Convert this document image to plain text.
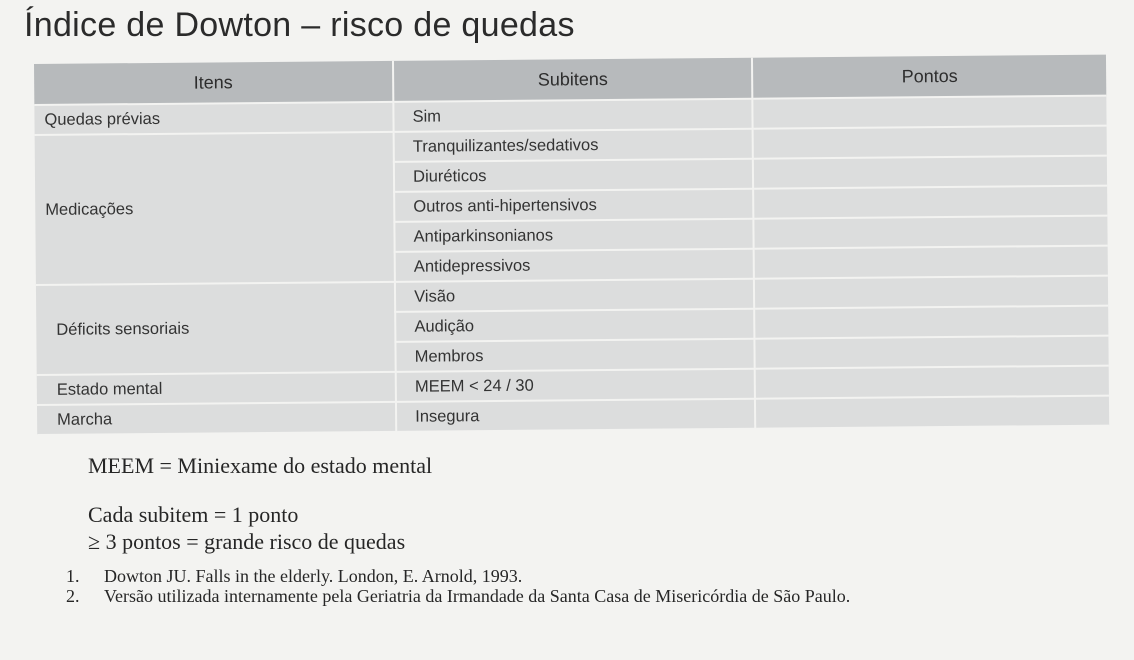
Índice de Dowton – risco de quedas
Itens	Subitens	Pontos
Quedas prévias	Sim	
Medicações	Tranquilizantes/sedativos	
	Diuréticos	
	Outros anti-hipertensivos	
	Antiparkinsonianos	
	Antidepressivos	
Déficits sensoriais	Visão	
	Audição	
	Membros	
Estado mental	MEEM < 24 / 30	
Marcha	Insegura	

MEEM = Miniexame do estado mental

Cada subitem = 1 ponto

≥ 3 pontos = grande risco de quedas

1.	Dowton JU. Falls in the elderly. London, E. Arnold, 1993.
2.	Versão utilizada internamente pela Geriatria da Irmandade da Santa Casa de Misericórdia de São Paulo.
